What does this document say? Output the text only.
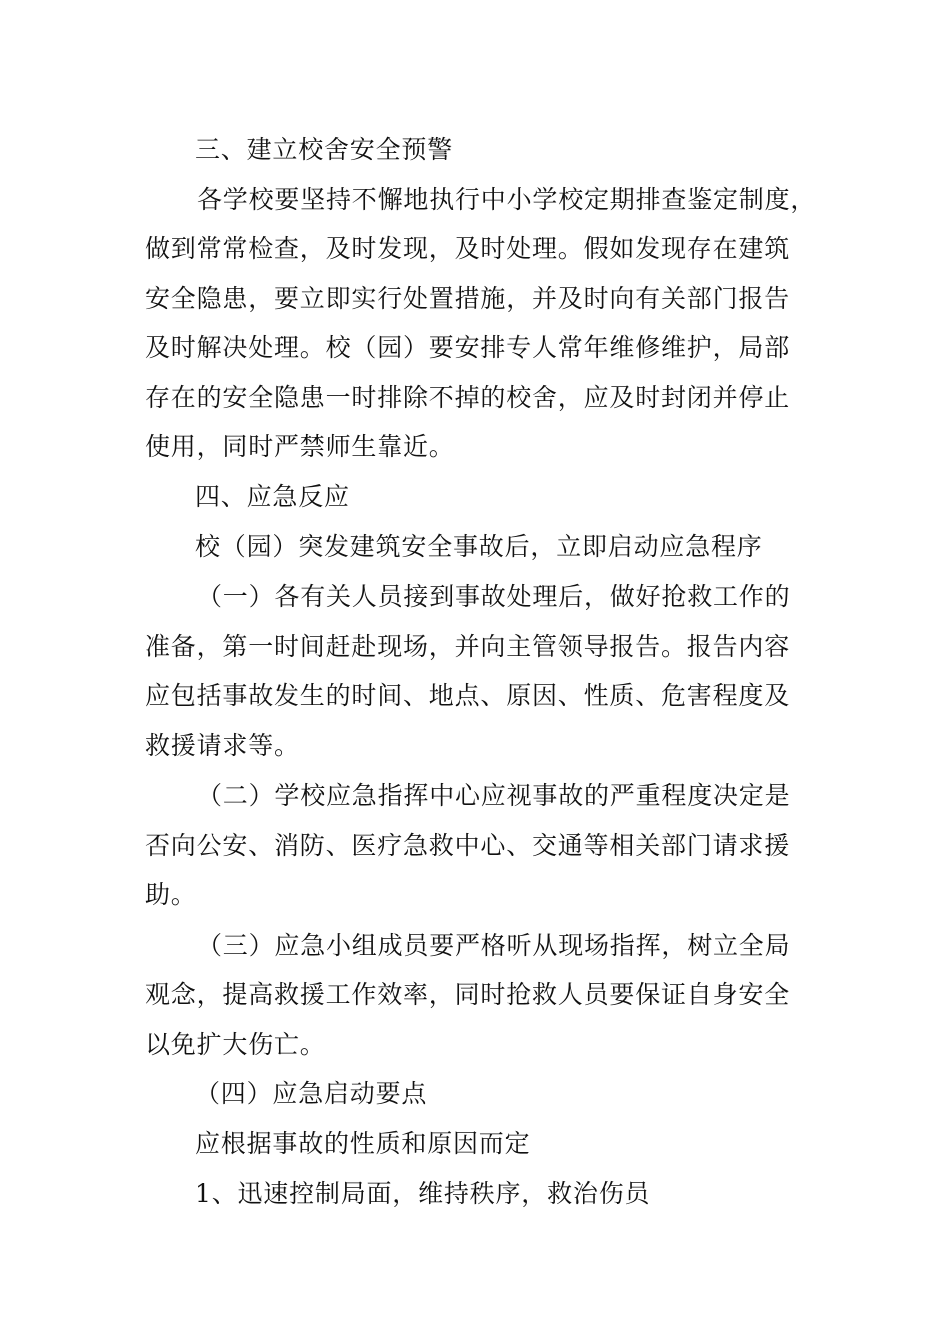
三、建立校舍安全预警
各学校要坚持不懈地执行中小学校定期排查鉴定制度，
做到常常检查，及时发现，及时处理。假如发现存在建筑
安全隐患，要立即实行处置措施，并及时向有关部门报告
及时解决处理。校（园）要安排专人常年维修维护，局部
存在的安全隐患一时排除不掉的校舍，应及时封闭并停止
使用，同时严禁师生靠近。
四、应急反应
校（园）突发建筑安全事故后，立即启动应急程序
（一）各有关人员接到事故处理后，做好抢救工作的
准备，第一时间赶赴现场，并向主管领导报告。报告内容
应包括事故发生的时间、地点、原因、性质、危害程度及
救援请求等。
（二）学校应急指挥中心应视事故的严重程度决定是
否向公安、消防、医疗急救中心、交通等相关部门请求援
助。
（三）应急小组成员要严格听从现场指挥，树立全局
观念，提高救援工作效率，同时抢救人员要保证自身安全
以免扩大伤亡。
（四）应急启动要点
应根据事故的性质和原因而定
1、迅速控制局面，维持秩序，救治伤员
